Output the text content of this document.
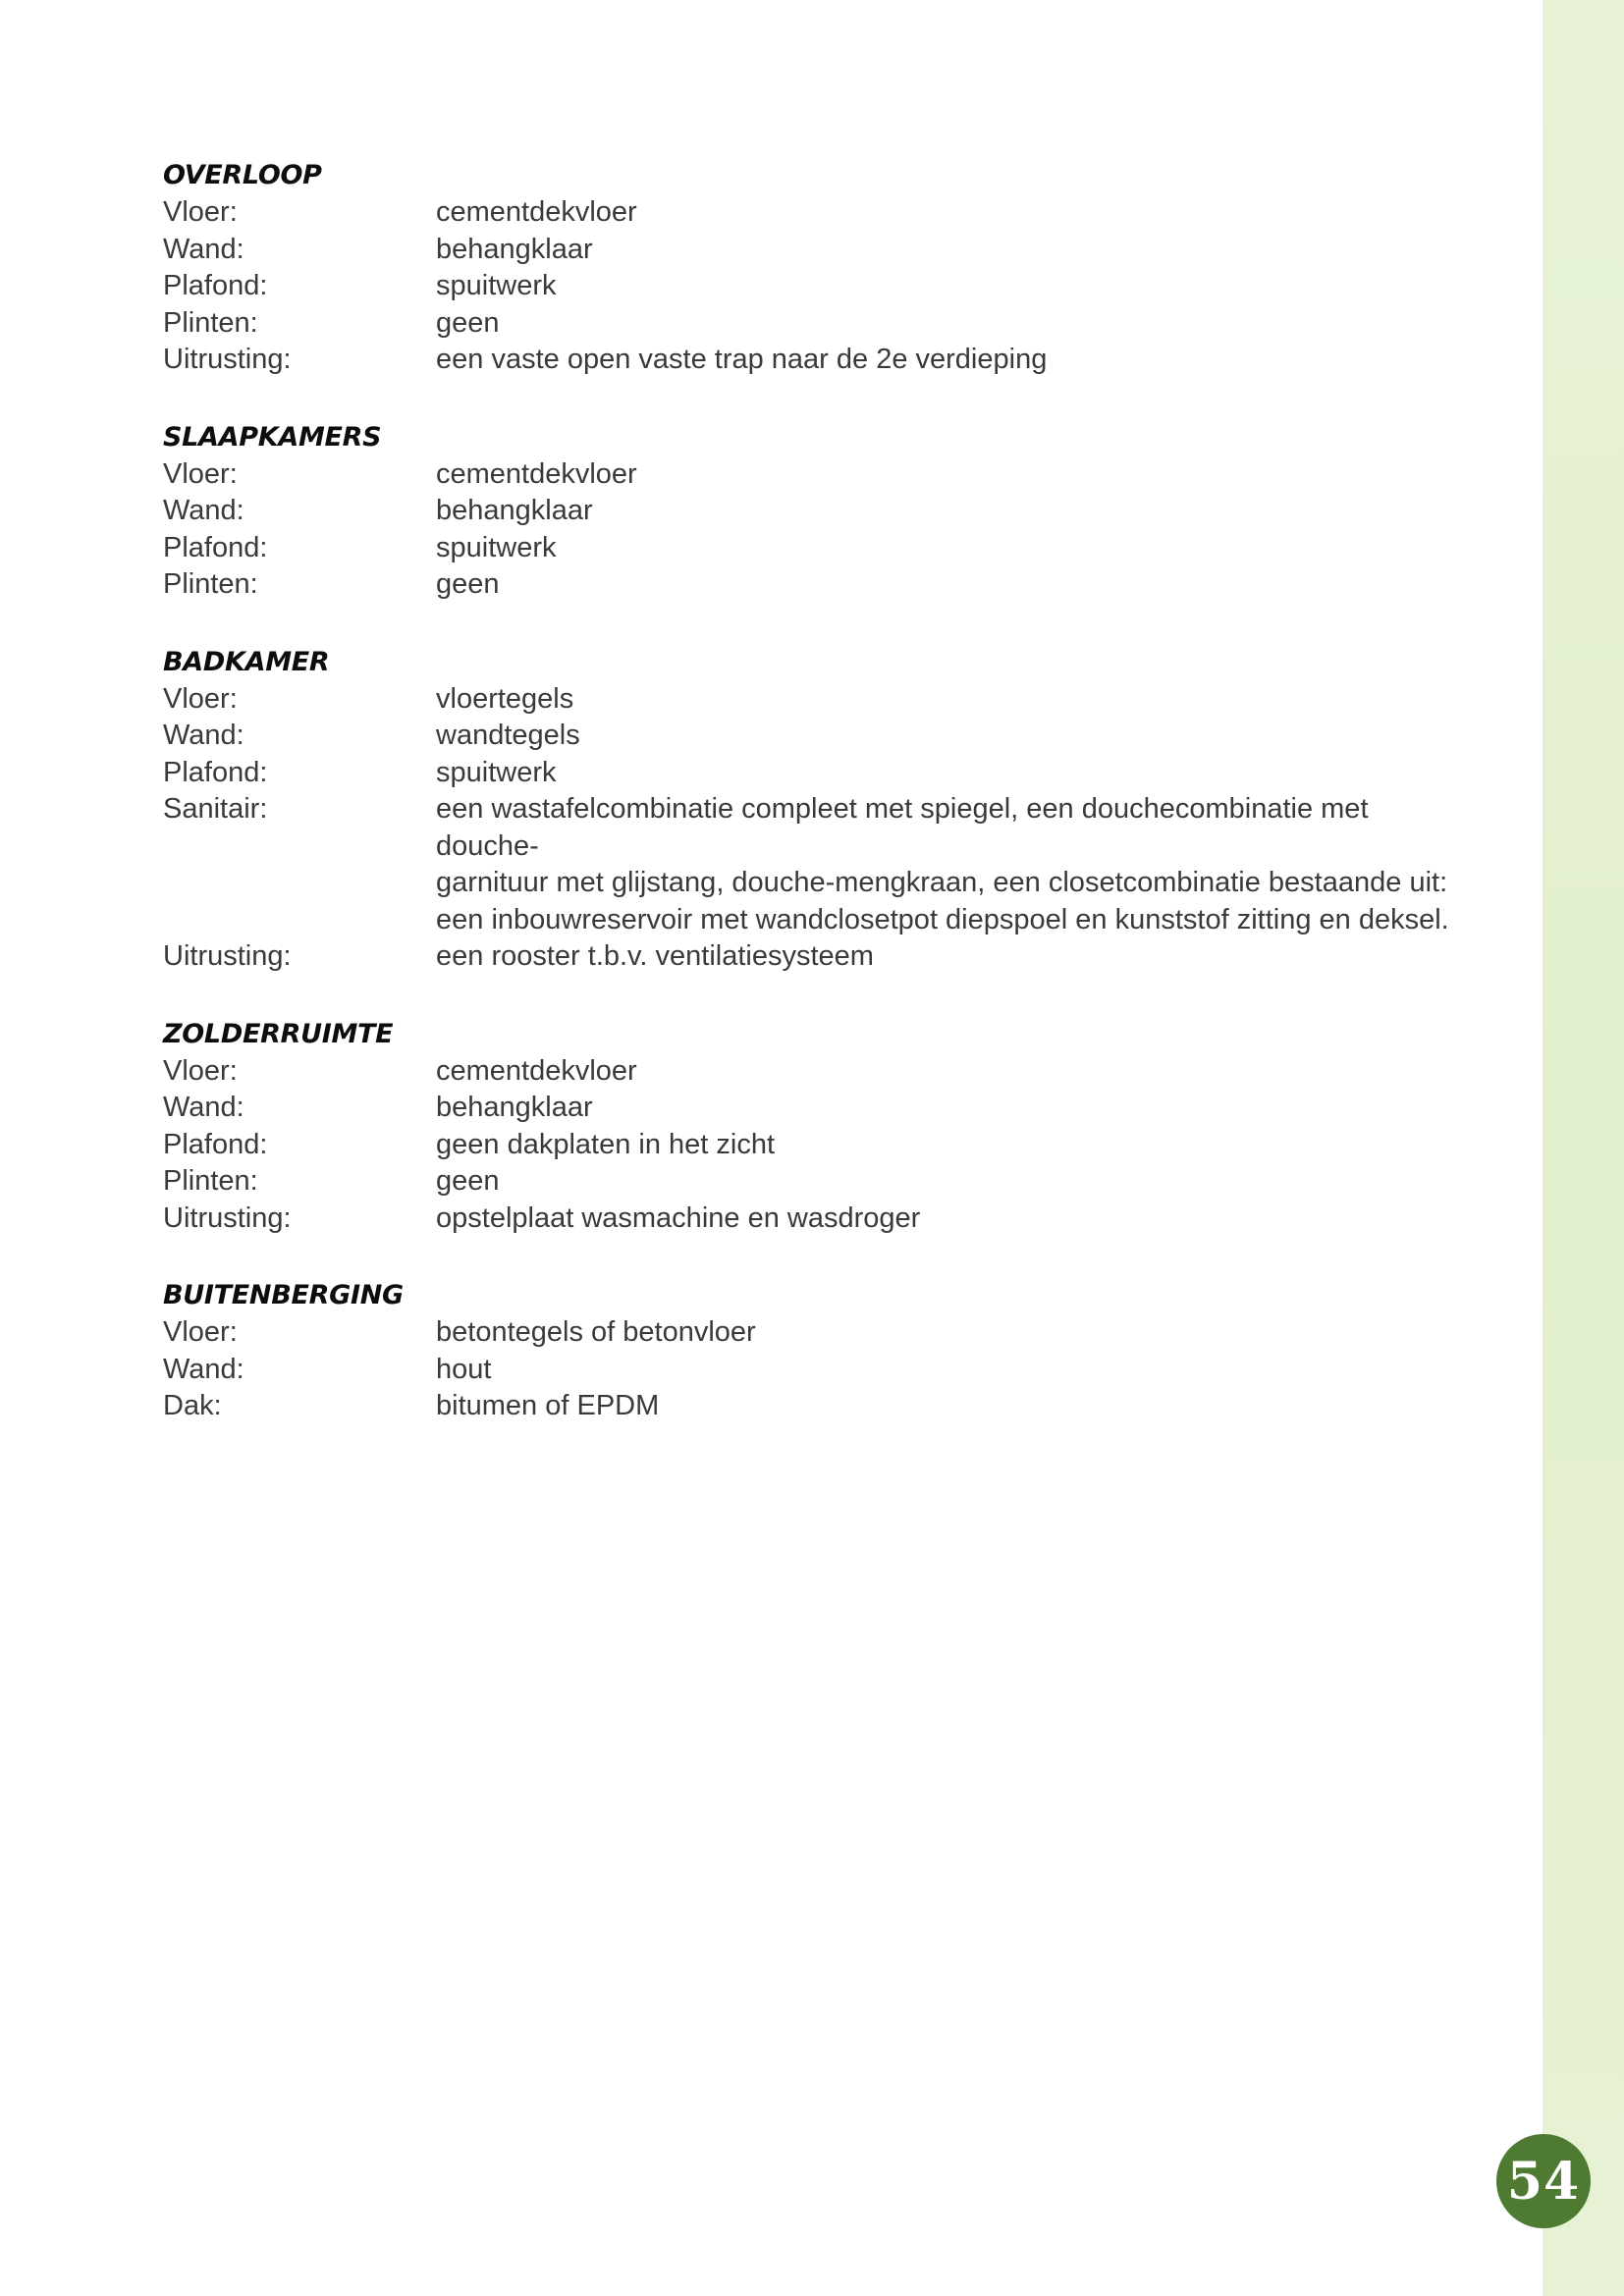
OVERLOOP
Vloer:	cementdekvloer
Wand:	behangklaar
Plafond:	spuitwerk
Plinten:	geen
Uitrusting:	een vaste open vaste trap naar de 2e verdieping
SLAAPKAMERS
Vloer:	cementdekvloer
Wand:	behangklaar
Plafond:	spuitwerk
Plinten:	geen
BADKAMER
Vloer:	vloertegels
Wand:	wandtegels
Plafond:	spuitwerk
Sanitair:	een wastafelcombinatie compleet met spiegel, een douchecombinatie met douche-
garnituur met glijstang, douche-mengkraan, een closetcombinatie bestaande uit:
een inbouwreservoir met wandclosetpot diepspoel en kunststof zitting en deksel.
Uitrusting:	een rooster t.b.v. ventilatiesysteem
ZOLDERRUIMTE
Vloer:	cementdekvloer
Wand:	behangklaar
Plafond:	geen dakplaten in het zicht
Plinten:	geen
Uitrusting:	opstelplaat wasmachine en wasdroger
BUITENBERGING
Vloer:	betontegels of betonvloer
Wand:	hout
Dak:	bitumen of EPDM
54
